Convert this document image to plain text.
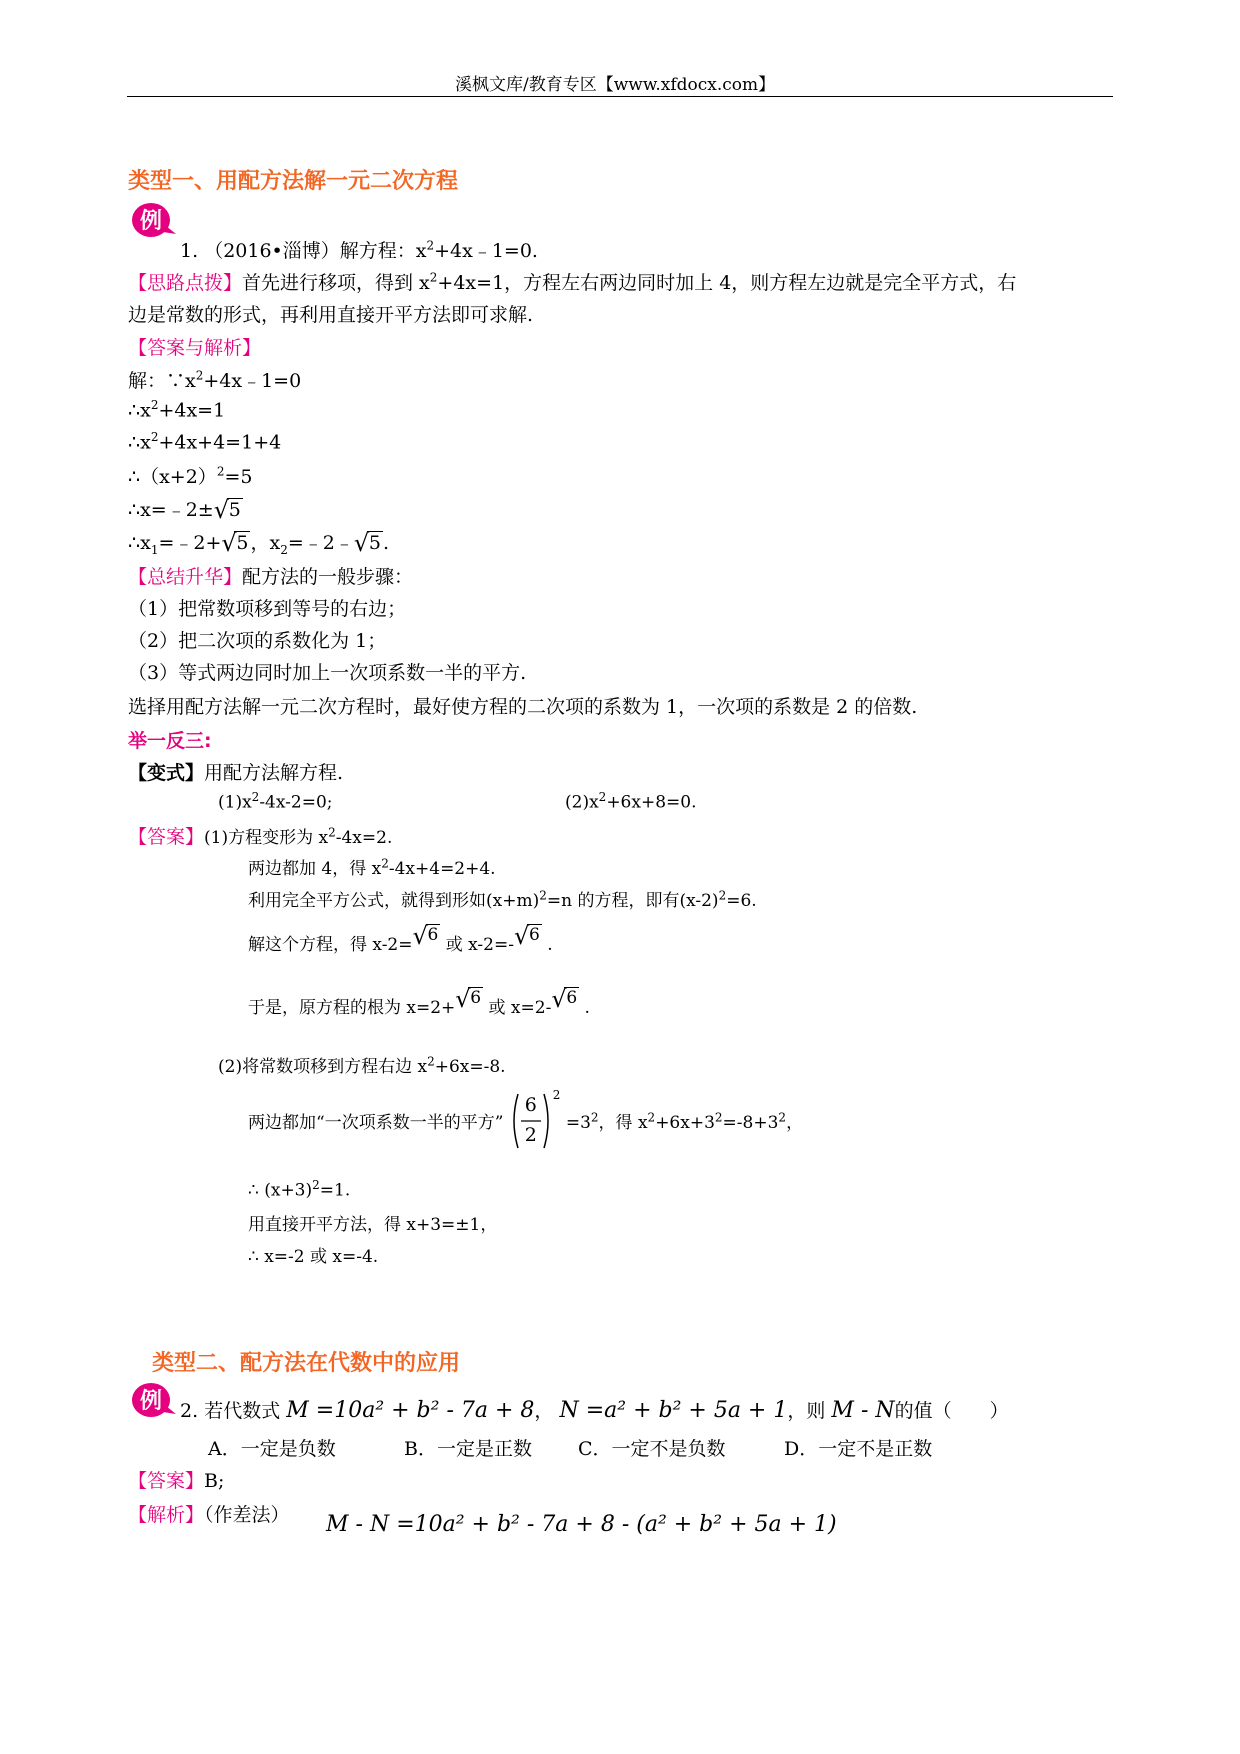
溪枫文库/教育专区【www.xfdocx.com】
类型一、用配方法解一元二次方程
例
1. （2016•淄博）解方程：$x^2+4x﹣1=0$.
【思路点拨】首先进行移项，得到 $x^2+4x=1$，方程左右两边同时加上 4，则方程左边就是完全平方式，右
边是常数的形式，再利用直接开平方法即可求解.
【答案与解析】
解：$\because x^2+4x﹣1=0$
$\therefore x^2+4x=1$
$\therefore x^2+4x+4=1+4$
$\therefore(x+2)^2=5$
∴x=﹣2±√ 5
$\therefore x_1=﹣2+√$ 5 ，$x_2=﹣2﹣√$ 5 .
【总结升华】配方法的一般步骤：
（1）把常数项移到等号的右边；
（2）把二次项的系数化为 1；
（3）等式两边同时加上一次项系数一半的平方.
选择用配方法解一元二次方程时，最好使方程的二次项的系数为 1，一次项的系数是 2 的倍数.
举一反三:
【变式】用配方法解方程.
$(1)x^2-4x-2=0$;	$(2)x^2+6x+8=0$.
【答案】(1)方程变形为 $x^2-4x=2$.
两边都加 4，得 $x^2-4x+4=2+4$.
利用完全平方公式，就得到形如$(x+m)^2=n$ 的方程，即有$(x-2)^2=6$.
解这个方程，得 x-2=√ 6 或 x-2=-√ 6 .
于是，原方程的根为 x=2+√ 6 或 x=2-√ 6 .
(2)将常数项移到方程右边 $x^2+6x=-8$.
两边都加“一次项系数一半的平方”
6
2
$^2 =3^2$，得 $x^2+6x+3^2=-8+3^2$，
∴ $(x+3)^2=1$.
用直接开平方法，得 x+3=±1，
∴ x=-2 或 x=-4.
类型二、配方法在代数中的应用
例 2. 若代数式 M =10a² + b² - 7a + 8， N =a² + b² + 5a + 1，则 M - N的值（　　）
A．一定是负数	B．一定是正数 C．一定不是负数	D．一定不是正数
【答案】B;
【解析】（作差法） M - N =10a² + b² - 7a + 8 - (a² + b² + 5a + 1)
